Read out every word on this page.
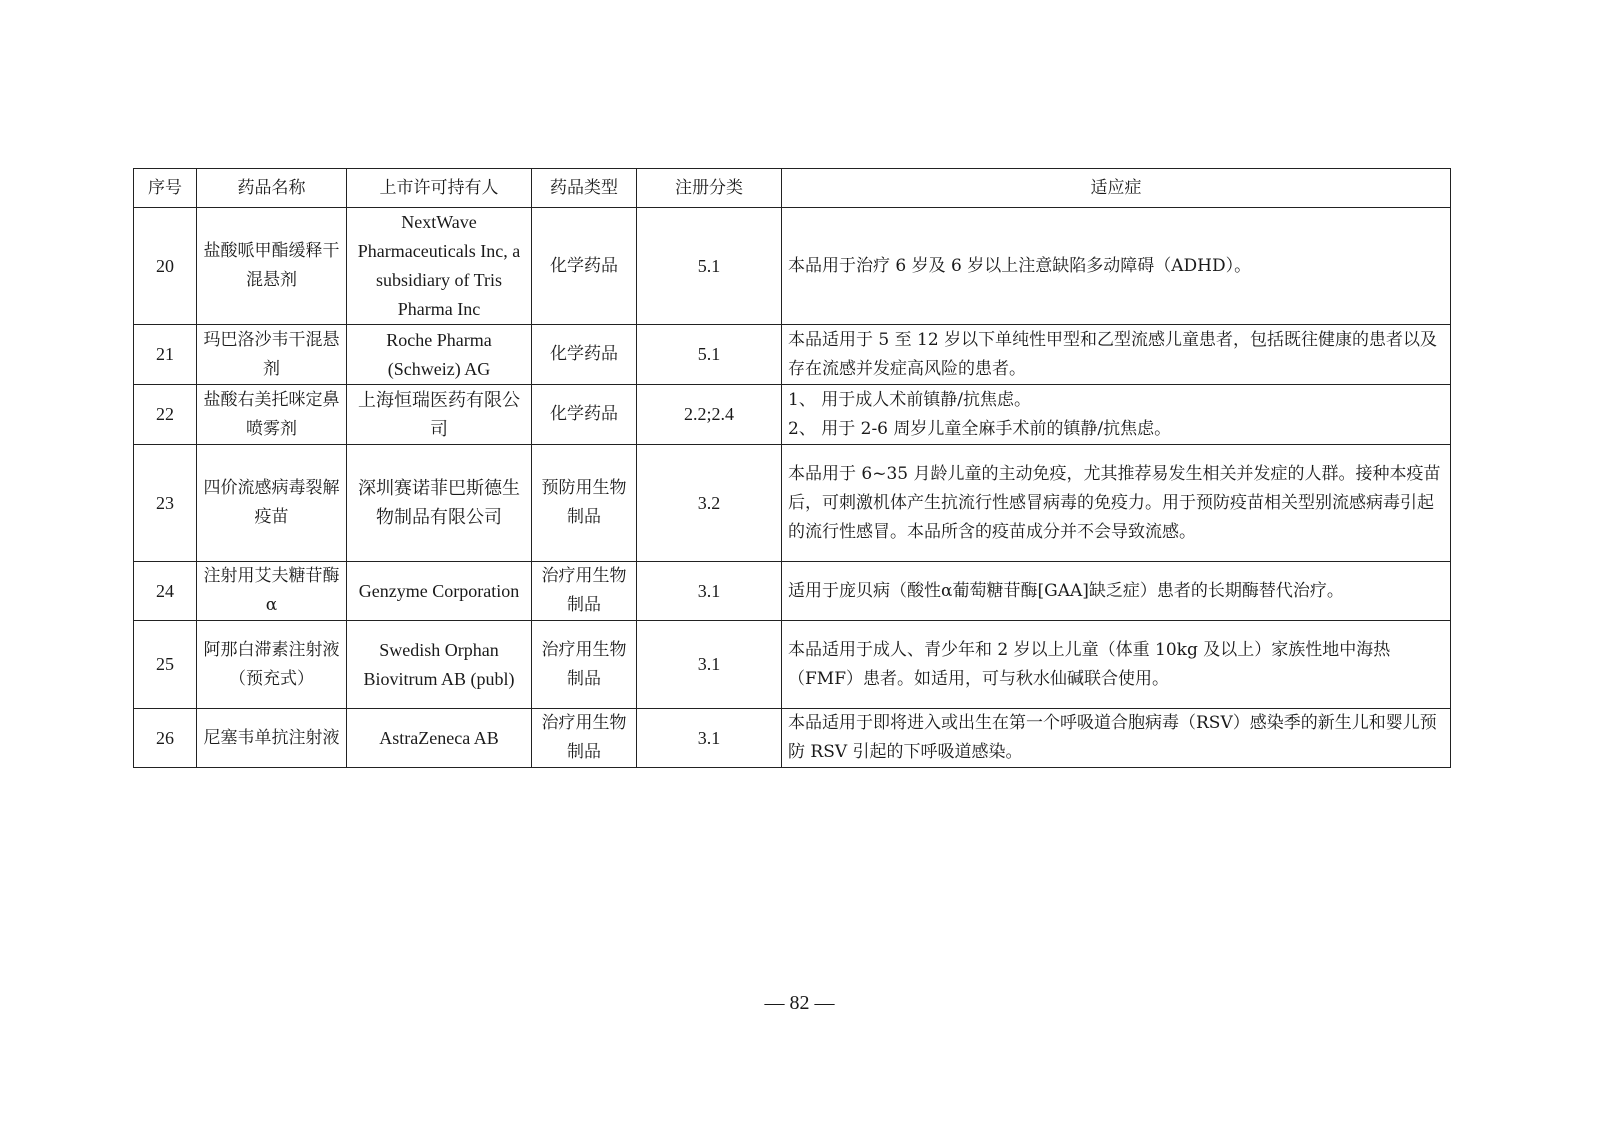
序号	药品名称	上市许可持有人	药品类型	注册分类	适应症
20	盐酸哌甲酯缓释干混悬剂	NextWave Pharmaceuticals Inc, a subsidiary of Tris Pharma Inc	化学药品	5.1	本品用于治疗 6 岁及 6 岁以上注意缺陷多动障碍（ADHD）。

21	玛巴洛沙韦干混悬剂	Roche Pharma (Schweiz) AG	化学药品	5.1	本品适用于 5 至 12 岁以下单纯性甲型和乙型流感儿童患者，包括既往健康的患者以及存在流感并发症高风险的患者。

22	盐酸右美托咪定鼻喷雾剂	上海恒瑞医药有限公司	化学药品	2.2;2.4	1、 用于成人术前镇静/抗焦虑。
2、 用于 2-6 周岁儿童全麻手术前的镇静/抗焦虑。

23	四价流感病毒裂解疫苗	深圳赛诺菲巴斯德生物制品有限公司	预防用生物制品	3.2	本品用于 6~35 月龄儿童的主动免疫，尤其推荐易发生相关并发症的人群。接种本疫苗后，可刺激机体产生抗流行性感冒病毒的免疫力。用于预防疫苗相关型别流感病毒引起的流行性感冒。本品所含的疫苗成分并不会导致流感。

24	注射用艾夫糖苷酶α	Genzyme Corporation	治疗用生物制品	3.1	适用于庞贝病（酸性α葡萄糖苷酶[GAA]缺乏症）患者的长期酶替代治疗。

25	阿那白滞素注射液（预充式）	Swedish Orphan Biovitrum AB (publ)	治疗用生物制品	3.1	本品适用于成人、青少年和 2 岁以上儿童（体重 10kg 及以上）家族性地中海热（FMF）患者。如适用，可与秋水仙碱联合使用。

26	尼塞韦单抗注射液	AstraZeneca AB	治疗用生物制品	3.1	本品适用于即将进入或出生在第一个呼吸道合胞病毒（RSV）感染季的新生儿和婴儿预防 RSV 引起的下呼吸道感染。
— 82 —
